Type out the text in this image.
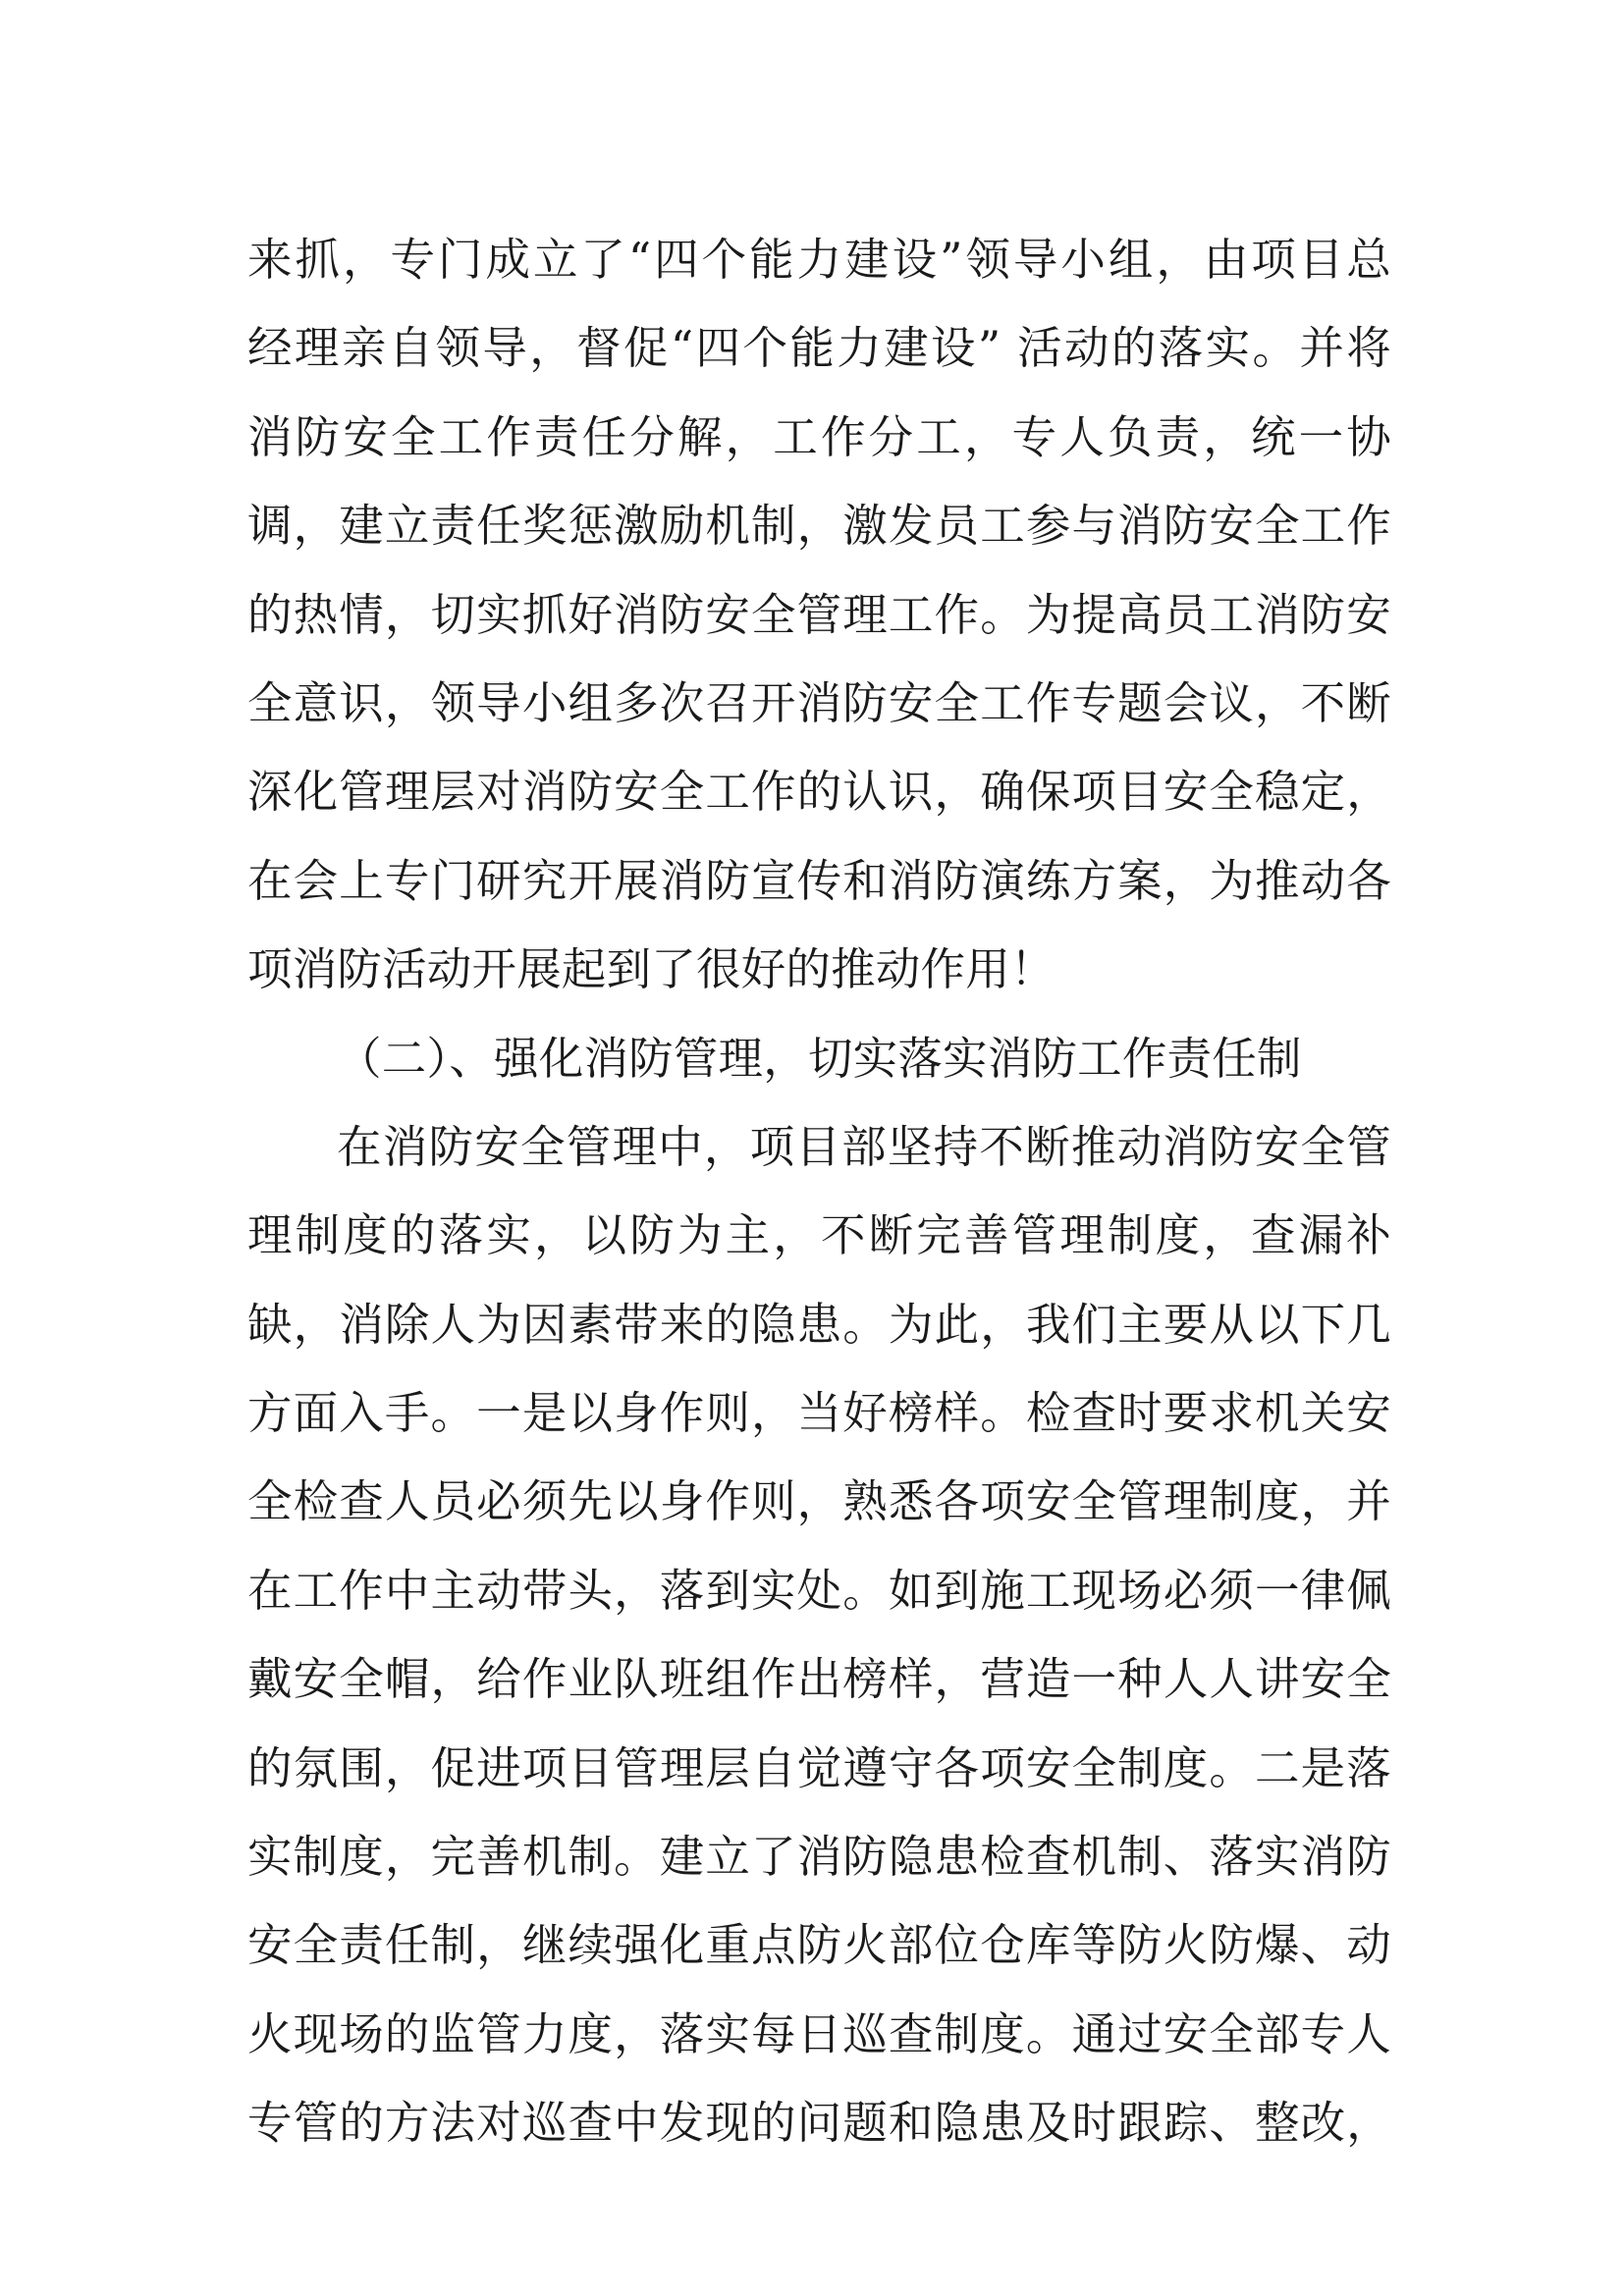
来抓，专门成立了“四个能力建设”领导小组，由项目总
经理亲自领导，督促“四个能力建设” 活动的落实。并将
消防安全工作责任分解，工作分工，专人负责，统一协
调，建立责任奖惩激励机制，激发员工参与消防安全工作
的热情，切实抓好消防安全管理工作。为提高员工消防安
全意识，领导小组多次召开消防安全工作专题会议，不断
深化管理层对消防安全工作的认识，确保项目安全稳定，
在会上专门研究开展消防宣传和消防演练方案，为推动各
项消防活动开展起到了很好的推动作用！
（二）、强化消防管理，切实落实消防工作责任制
在消防安全管理中，项目部坚持不断推动消防安全管
理制度的落实，以防为主，不断完善管理制度，查漏补
缺，消除人为因素带来的隐患。为此，我们主要从以下几
方面入手。一是以身作则，当好榜样。检查时要求机关安
全检查人员必须先以身作则，熟悉各项安全管理制度，并
在工作中主动带头，落到实处。如到施工现场必须一律佩
戴安全帽，给作业队班组作出榜样，营造一种人人讲安全
的氛围，促进项目管理层自觉遵守各项安全制度。二是落
实制度，完善机制。建立了消防隐患检查机制、落实消防
安全责任制，继续强化重点防火部位仓库等防火防爆、动
火现场的监管力度，落实每日巡查制度。通过安全部专人
专管的方法对巡查中发现的问题和隐患及时跟踪、整改，
